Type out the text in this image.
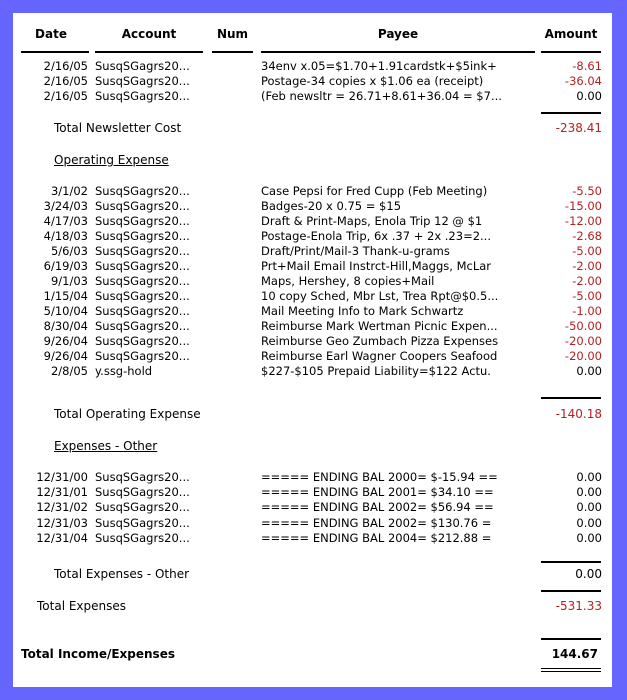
Date	Account	Num	Payee	Amount
2/16/05 SusqSGagrs20...	34env x.05=$1.70+1.91cardstk+$5ink+	-8.61
2/16/05 SusqSGagrs20...	Postage-34 copies x $1.06 ea (receipt)	-36.04
2/16/05 SusqSGagrs20...	(Feb newsltr = 26.71+8.61+36.04 = $7...	0.00
Total Newsletter Cost	-238.41
Operating Expense
3/1/02 SusqSGagrs20...	Case Pepsi for Fred Cupp (Feb Meeting)	-5.50
3/24/03 SusqSGagrs20...	Badges-20 x 0.75 = $15	-15.00
4/17/03 SusqSGagrs20...	Draft & Print-Maps, Enola Trip 12 @ $1	-12.00
4/18/03 SusqSGagrs20...	Postage-Enola Trip, 6x .37 + 2x .23=2...	-2.68
5/6/03 SusqSGagrs20...	Draft/Print/Mail-3 Thank-u-grams	-5.00
6/19/03 SusqSGagrs20...	Prt+Mail Email Instrct-Hill,Maggs, McLar	-2.00
9/1/03 SusqSGagrs20...	Maps, Hershey, 8 copies+Mail	-2.00
1/15/04 SusqSGagrs20...	10 copy Sched, Mbr Lst, Trea Rpt@$0.5...	-5.00
5/10/04 SusqSGagrs20...	Mail Meeting Info to Mark Schwartz	-1.00
8/30/04 SusqSGagrs20...	Reimburse Mark Wertman Picnic Expen...	-50.00
9/26/04 SusqSGagrs20...	Reimburse Geo Zumbach Pizza Expenses	-20.00
9/26/04 SusqSGagrs20...	Reimburse Earl Wagner Coopers Seafood	-20.00
2/8/05 y.ssg-hold	$227-$105 Prepaid Liability=$122 Actu.	0.00
Total Operating Expense	-140.18
Expenses - Other
12/31/00 SusqSGagrs20...	===== ENDING BAL 2000= $-15.94 ==	0.00
12/31/01 SusqSGagrs20...	===== ENDING BAL 2001= $34.10 ==	0.00
12/31/02 SusqSGagrs20...	===== ENDING BAL 2002= $56.94 ==	0.00
12/31/03 SusqSGagrs20...	===== ENDING BAL 2002= $130.76 =	0.00
12/31/04 SusqSGagrs20...	===== ENDING BAL 2004= $212.88 =	0.00
Total Expenses - Other	0.00
Total Expenses	-531.33
Total Income/Expenses	144.67
